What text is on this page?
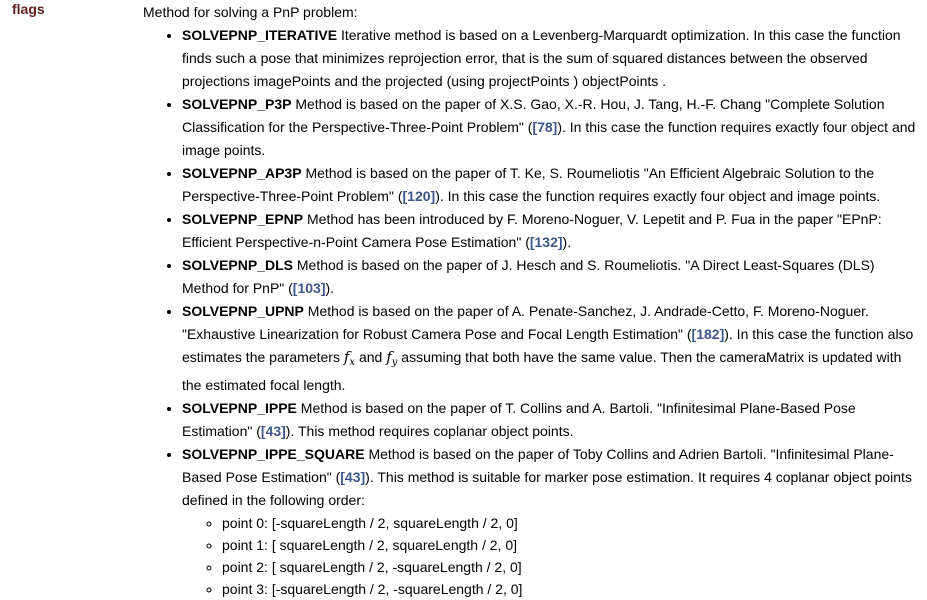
flags	Method for solving a PnP problem:

• SOLVEPNP_ITERATIVE Iterative method is based on a Levenberg-Marquardt optimization. In this case the function finds such a pose that minimizes reprojection error, that is the sum of squared distances between the observed projections imagePoints and the projected (using projectPoints ) objectPoints .
• SOLVEPNP_P3P Method is based on the paper of X.S. Gao, X.-R. Hou, J. Tang, H.-F. Chang "Complete Solution Classification for the Perspective-Three-Point Problem" ([78]). In this case the function requires exactly four object and image points.
• SOLVEPNP_AP3P Method is based on the paper of T. Ke, S. Roumeliotis "An Efficient Algebraic Solution to the Perspective-Three-Point Problem" ([120]). In this case the function requires exactly four object and image points.
• SOLVEPNP_EPNP Method has been introduced by F. Moreno-Noguer, V. Lepetit and P. Fua in the paper "EPnP: Efficient Perspective-n-Point Camera Pose Estimation" ([132]).
• SOLVEPNP_DLS Method is based on the paper of J. Hesch and S. Roumeliotis. "A Direct Least-Squares (DLS) Method for PnP" ([103]).
• SOLVEPNP_UPNP Method is based on the paper of A. Penate-Sanchez, J. Andrade-Cetto, F. Moreno-Noguer. "Exhaustive Linearization for Robust Camera Pose and Focal Length Estimation" ([182]). In this case the function also estimates the parameters $f_x$ and $f_y$ assuming that both have the same value. Then the cameraMatrix is updated with the estimated focal length.
• SOLVEPNP_IPPE Method is based on the paper of T. Collins and A. Bartoli. "Infinitesimal Plane-Based Pose Estimation" ([43]). This method requires coplanar object points.
• SOLVEPNP_IPPE_SQUARE Method is based on the paper of Toby Collins and Adrien Bartoli. "Infinitesimal Plane-Based Pose Estimation" ([43]). This method is suitable for marker pose estimation. It requires 4 coplanar object points defined in the following order:
◦ point 0: [-squareLength / 2, squareLength / 2, 0]
◦ point 1: [ squareLength / 2, squareLength / 2, 0]
◦ point 2: [ squareLength / 2, -squareLength / 2, 0]
◦ point 3: [-squareLength / 2, -squareLength / 2, 0]
